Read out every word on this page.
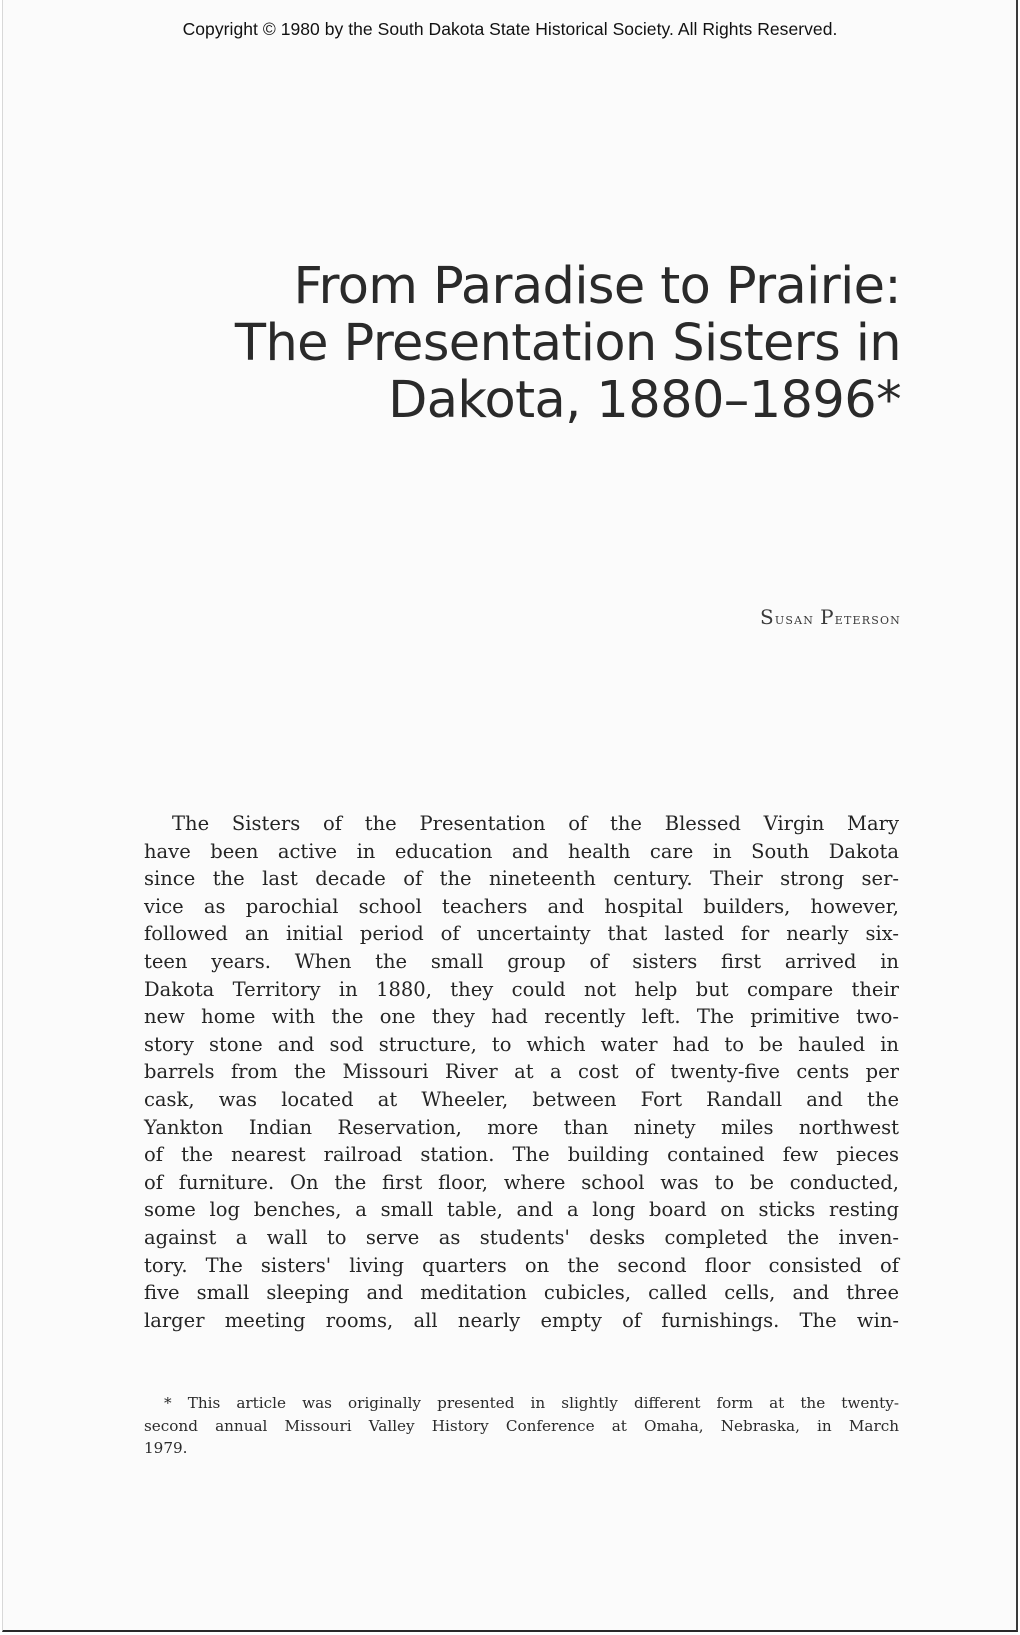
Copyright © 1980 by the South Dakota State Historical Society. All Rights Reserved.
From Paradise to Prairie:
The Presentation Sisters in
Dakota, 1880–1896*
Susan Peterson
The Sisters of the Presentation of the Blessed Virgin Mary
have been active in education and health care in South Dakota
since the last decade of the nineteenth century. Their strong ser-
vice as parochial school teachers and hospital builders, however,
followed an initial period of uncertainty that lasted for nearly six-
teen years. When the small group of sisters first arrived in
Dakota Territory in 1880, they could not help but compare their
new home with the one they had recently left. The primitive two-
story stone and sod structure, to which water had to be hauled in
barrels from the Missouri River at a cost of twenty-five cents per
cask, was located at Wheeler, between Fort Randall and the
Yankton Indian Reservation, more than ninety miles northwest
of the nearest railroad station. The building contained few pieces
of furniture. On the first floor, where school was to be conducted,
some log benches, a small table, and a long board on sticks resting
against a wall to serve as students' desks completed the inven-
tory. The sisters' living quarters on the second floor consisted of
five small sleeping and meditation cubicles, called cells, and three
larger meeting rooms, all nearly empty of furnishings. The win-
* This article was originally presented in slightly different form at the twenty-
second annual Missouri Valley History Conference at Omaha, Nebraska, in March
1979.
